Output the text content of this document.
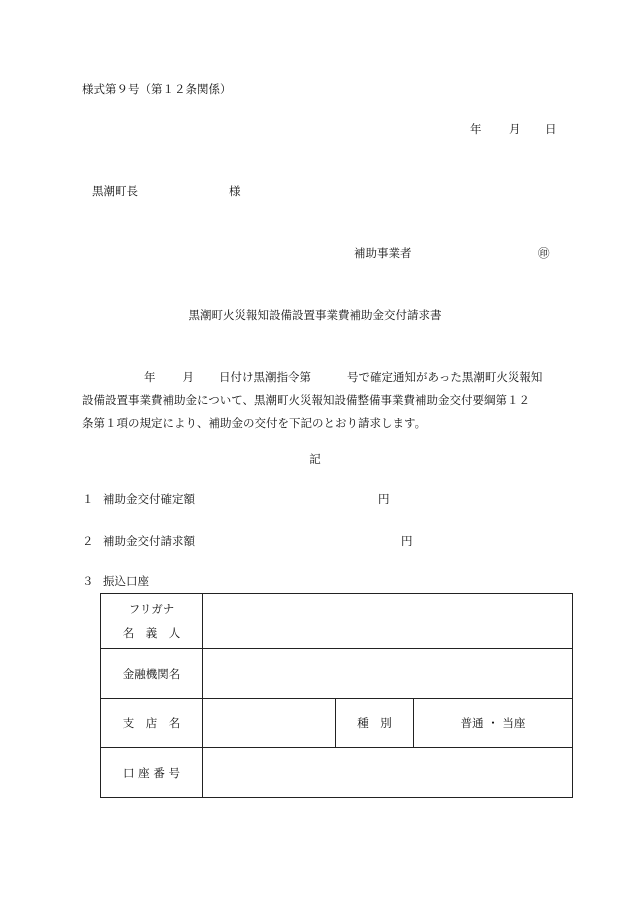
様式第９号（第１２条関係）
年 月 日
黒潮町長	様
補助事業者	㊞
黒潮町火災報知設備設置事業費補助金交付請求書
年 月 日付け黒潮指令第	号で確定通知があった黒潮町火災報知
設備設置事業費補助金について、黒潮町火災報知設備整備事業費補助金交付要綱第１２
条第１項の規定により、補助金の交付を下記のとおり請求します。
記
１ 補助金交付確定額	円
２ 補助金交付請求額	円
３ 振込口座
フリガナ
名　義　人			

金融機関名			
支　店　名		種　別	普通 ・ 当座
口 座 番 号			
